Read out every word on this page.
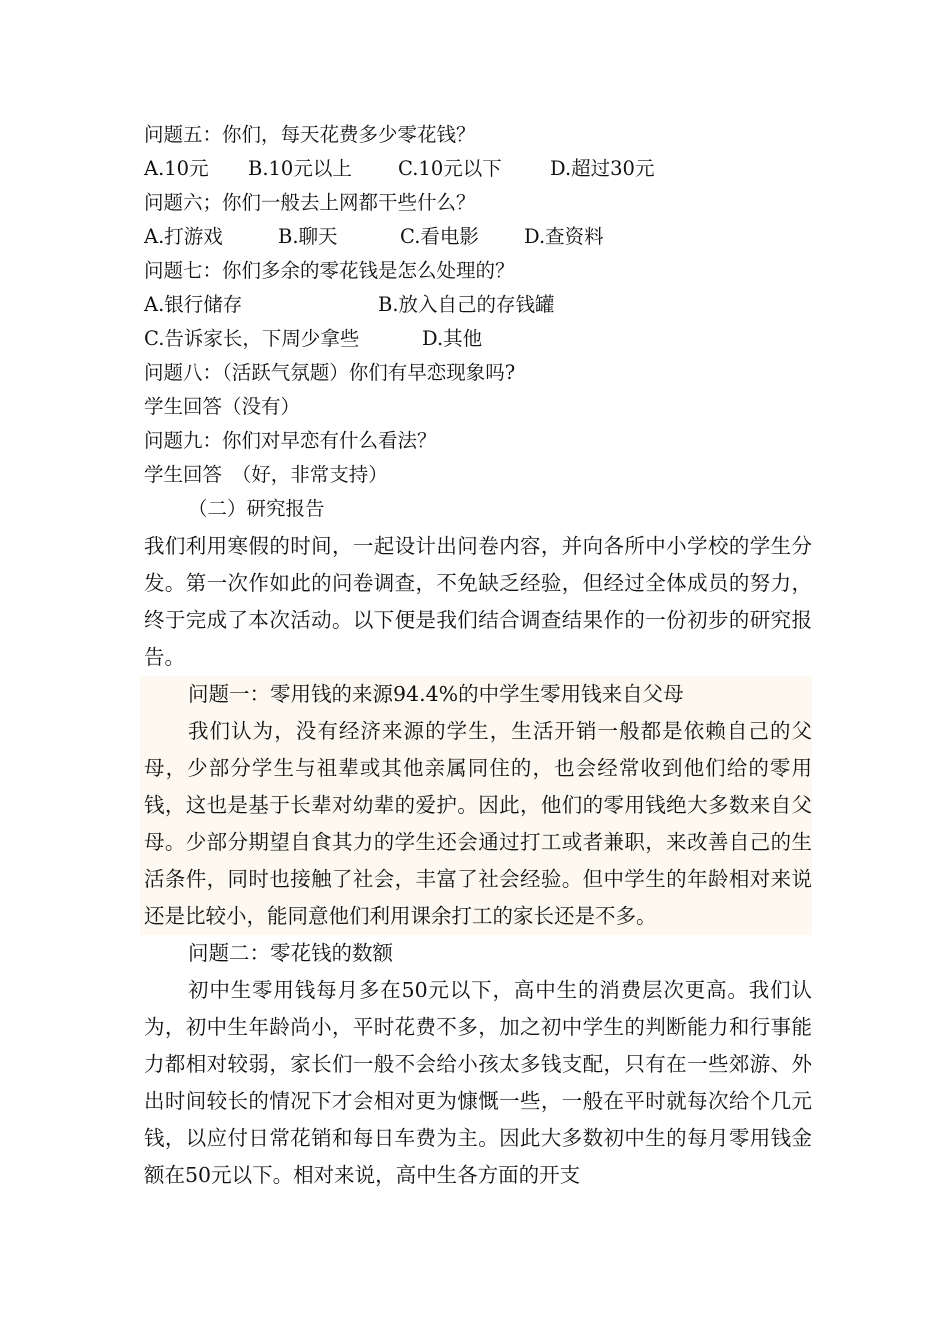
问题五：你们，每天花费多少零花钱？
A.10元 B.10元以上 C.10元以下 D.超过30元
问题六；你们一般去上网都干些什么？
A.打游戏	B.聊天	C.看电影 D.查资料
问题七：你们多余的零花钱是怎么处理的？
A.银行储存	B.放入自己的存钱罐
C.告诉家长，下周少拿些	D.其他
问题八：（活跃气氛题）你们有早恋现象吗?
学生回答（没有）
问题九：你们对早恋有什么看法？
学生回答　（好，非常支持）
（二）研究报告
我们利用寒假的时间，一起设计出问卷内容，并向各所中小学校的学生分发。第一次作如此的问卷调查，不免缺乏经验，但经过全体成员的努力，终于完成了本次活动。以下便是我们结合调查结果作的一份初步的研究报告。
问题一：零用钱的来源94.4%的中学生零用钱来自父母
我们认为，没有经济来源的学生，生活开销一般都是依赖自己的父母，少部分学生与祖辈或其他亲属同住的，也会经常收到他们给的零用钱，这也是基于长辈对幼辈的爱护。因此，他们的零用钱绝大多数来自父母。少部分期望自食其力的学生还会通过打工或者兼职，来改善自己的生活条件，同时也接触了社会，丰富了社会经验。但中学生的年龄相对来说还是比较小，能同意他们利用课余打工的家长还是不多。
问题二：零花钱的数额
初中生零用钱每月多在50元以下，高中生的消费层次更高。我们认为，初中生年龄尚小，平时花费不多，加之初中学生的判断能力和行事能力都相对较弱，家长们一般不会给小孩太多钱支配，只有在一些郊游、外出时间较长的情况下才会相对更为慷慨一些，一般在平时就每次给个几元钱，以应付日常花销和每日车费为主。因此大多数初中生的每月零用钱金额在50元以下。相对来说，高中生各方面的开支
